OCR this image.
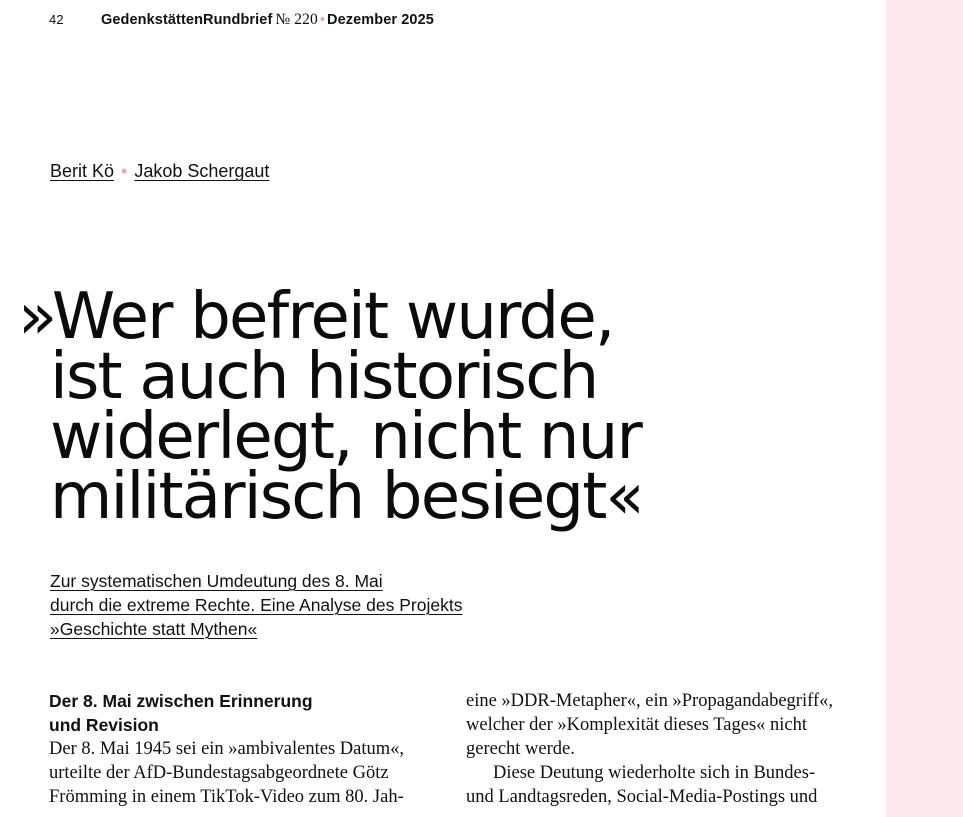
42	GedenkstättenRundbrief № 220 • Dezember 2025
Berit Kö • Jakob Schergaut
»Wer befreit wurde,
ist auch historisch
widerlegt, nicht nur
militärisch besiegt«
Zur systematischen Umdeutung des 8. Mai
durch die extreme Rechte. Eine Analyse des Projekts
»Geschichte statt Mythen«
Der 8. Mai zwischen Erinnerung
und Revision

Der 8. Mai 1945 sei ein »ambivalentes Datum«,
urteilte der AfD-Bundestagsabgeordnete Götz
Frömming in einem TikTok-Video zum 80. Jah-

eine »DDR-Metapher«, ein »Propagandabegriff«,
welcher der »Komplexität dieses Tages« nicht
gerecht werde.

Diese Deutung wiederholte sich in Bundes-
und Landtagsreden, Social-Media-Postings und
